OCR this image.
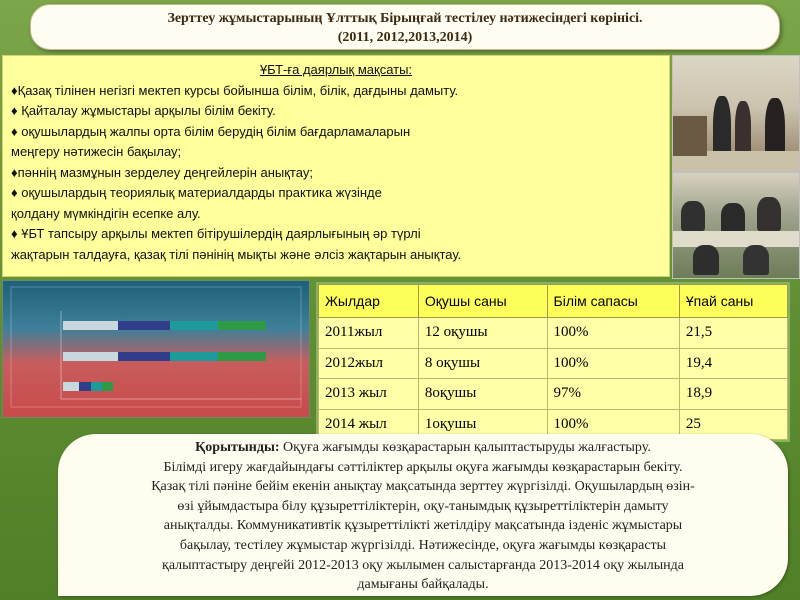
Зерттеу жұмыстарының Ұлттық Бірыңғай тестілеу нәтижесіндегі көрінісі.
(2011, 2012,2013,2014)
ҰБТ-ға даярлық мақсаты:
♦Қазақ тілінен негізгі мектеп курсы бойынша білім, білік, дағдыны дамыту.
♦ Қайталау жұмыстары арқылы білім бекіту.
♦ оқушылардың жалпы орта білім берудің білім бағдарламаларын
меңгеру нәтижесін бақылау;
♦пәннің мазмұнын зерделеу деңгейлерін анықтау;
♦ оқушылардың теориялық материалдарды практика жүзінде
қолдану мүмкіндігін есепке алу.
♦ ҰБТ тапсыру арқылы мектеп бітірушілердің даярлығының әр түрлі
жақтарын талдауға, қазақ тілі пәнінің мықты және әлсіз жақтарын анықтау.
Жылдар	Оқушы саны	Білім сапасы	Ұпай саны
2011жыл	12 оқушы	100%	21,5
2012жыл	8 оқушы	100%	19,4
2013 жыл	8оқушы	97%	18,9
2014 жыл	1оқушы	100%	25
Қорытынды: Оқуға жағымды көзқарастарын қалыптастыруды жалғастыру.
Білімді игеру жағдайындағы сәттіліктер арқылы оқуға жағымды көзқарастарын бекіту.
Қазақ тілі пәніне бейім екенін анықтау мақсатында зерттеу жүргізілді. Оқушылардың өзін-
өзі ұйымдастыра білу құзыреттіліктерін, оқу-танымдық құзыреттіліктерін дамыту
анықталды. Коммуникативтік құзыреттілікті жетілдіру мақсатында ізденіс жұмыстары
бақылау, тестілеу жұмыстар жүргізілді. Нәтижесінде, оқуға жағымды көзқарасты
қалыптастыру деңгейі 2012-2013 оқу жылымен салыстарғанда 2013-2014 оқу жылында
дамығаны байқалады.
